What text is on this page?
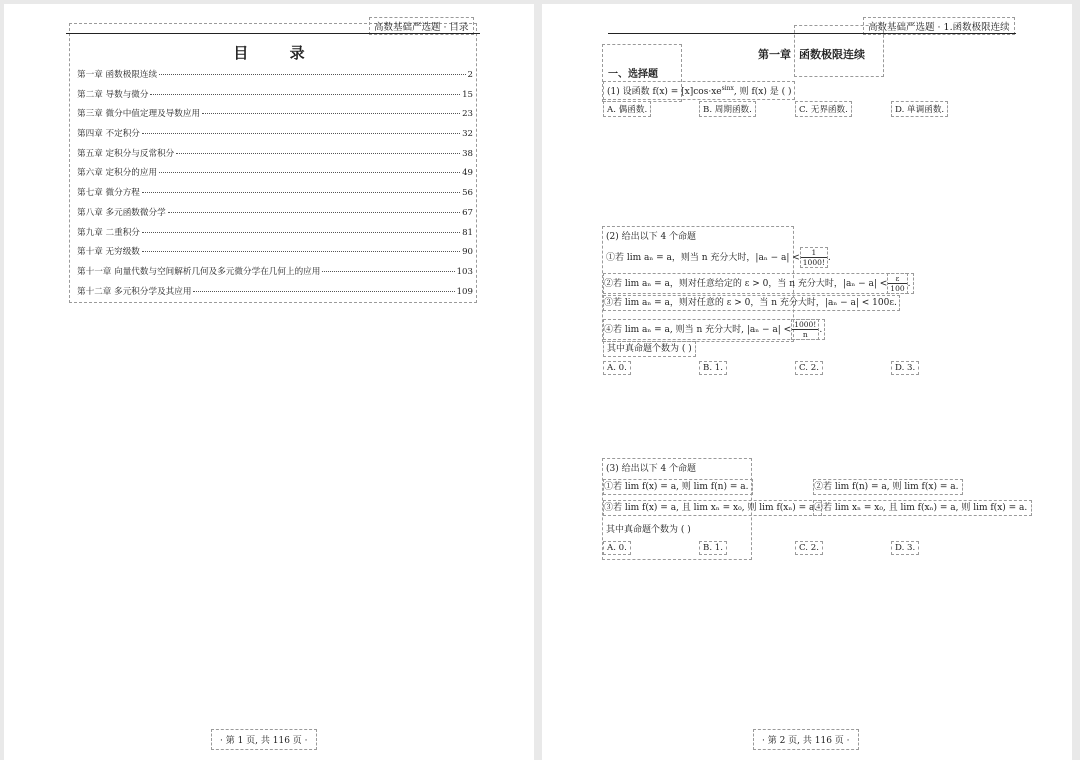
高数基础严选题 · 目录
目 录
第一章 函数极限连续	2
第二章 导数与微分	15
第三章 微分中值定理及导数应用	23
第四章 不定积分	32
第五章 定积分与反常积分	38
第六章 定积分的应用	49
第七章 微分方程	56
第八章 多元函数微分学	67
第九章 二重积分	81
第十章 无穷级数	90
第十一章 向量代数与空间解析几何及多元微分学在几何上的应用	103
第十二章 多元积分学及其应用	109
· 第 1 页, 共 116 页 ·
高数基础严选题 · 1.函数极限连续
第一章 函数极限连续
一、选择题
(1) 设函数 $f(x) = [x]\cos\cdot xe^{sinx}$, 则 f(x) 是 ( )
A. 偶函数.	B. 周期函数.	C. 无界函数.	D. 单调函数.
(2) 给出以下 4 个命题
①若 lim aₙ = a，则当 n 充分大时，$|a_n - a| < \frac{1}{1000!}$ .
②若 lim aₙ = a，则对任意给定的 ε > 0，当 n 充分大时，$|a_n - a| < \frac{\varepsilon}{100}$ .
③若 lim aₙ = a，则对任意的 ε > 0，当 n 充分大时，|aₙ − a| < 100ε.
④若 lim aₙ = a, 则当 n 充分大时, $|a_n - a| < \frac{1000!}{n}$ .
其中真命题个数为 ( )
A. 0.	B. 1.	C. 2.	D. 3.
(3) 给出以下 4 个命题
①若 lim f(x) = a, 则 lim f(n) = a.	②若 lim f(n) = a, 则 lim f(x) = a.
③若 lim f(x) = a, 且 lim xₙ = x₀, 则 lim f(xₙ) = a.
④若 lim xₙ = x₀, 且 lim f(xₙ) = a, 则 lim f(x) = a.
其中真命题个数为 ( )
A. 0.	B. 1.	C. 2.	D. 3.
· 第 2 页, 共 116 页 ·
